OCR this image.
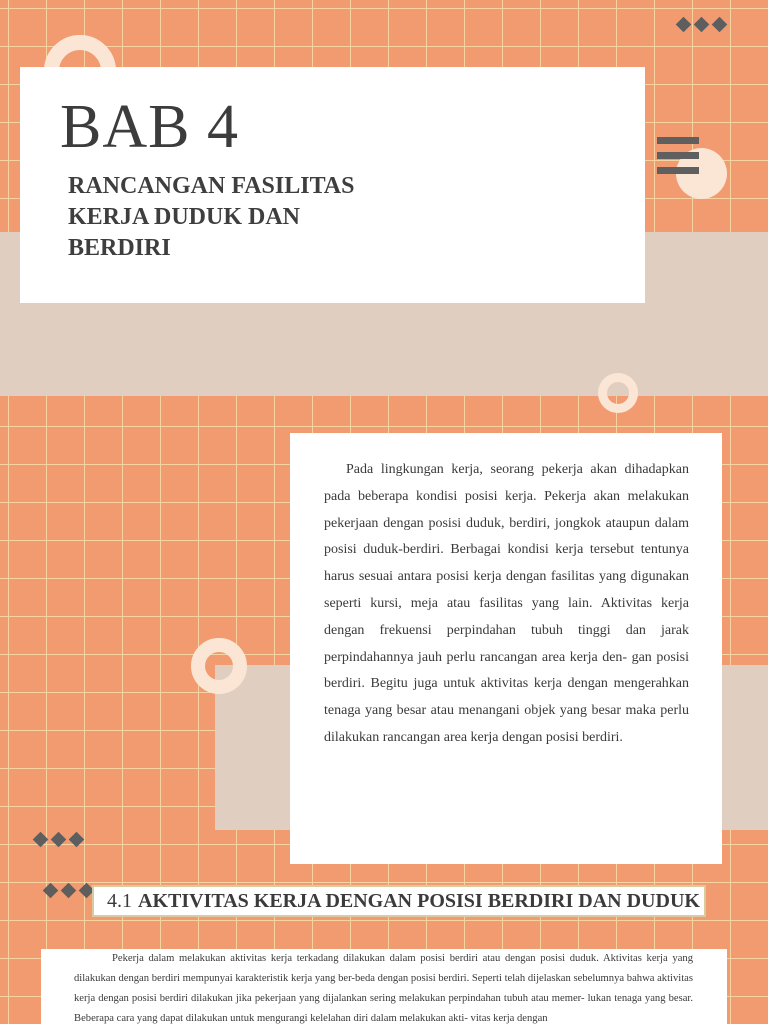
BAB 4
RANCANGAN FASILITAS KERJA DUDUK DAN BERDIRI

Pada lingkungan kerja, seorang pekerja akan dihadapkan pada beberapa kondisi posisi kerja. Pekerja akan melakukan pekerjaan dengan posisi duduk, berdiri, jongkok ataupun dalam posisi duduk-berdiri. Berbagai kondisi kerja tersebut tentunya harus sesuai antara posisi kerja dengan fasilitas yang digunakan seperti kursi, meja atau fasilitas yang lain. Aktivitas kerja dengan frekuensi perpindahan tubuh tinggi dan jarak perpindahannya jauh perlu rancangan area kerja den- gan posisi berdiri. Begitu juga untuk aktivitas kerja dengan mengerahkan tenaga yang besar atau menangani objek yang besar maka perlu dilakukan rancangan area kerja dengan posisi berdiri.

4.1 AKTIVITAS KERJA DENGAN POSISI BERDIRI DAN DUDUK

Pekerja dalam melakukan aktivitas kerja terkadang dilakukan dalam posisi berdiri atau dengan posisi duduk. Aktivitas kerja yang dilakukan dengan berdiri mempunyai karakteristik kerja yang ber-beda dengan posisi berdiri. Seperti telah dijelaskan sebelumnya bahwa aktivitas kerja dengan posisi berdiri dilakukan jika pekerjaan yang dijalankan sering melakukan perpindahan tubuh atau memer- lukan tenaga yang besar. Beberapa cara yang dapat dilakukan untuk mengurangi kelelahan diri dalam melakukan akti- vitas kerja dengan
